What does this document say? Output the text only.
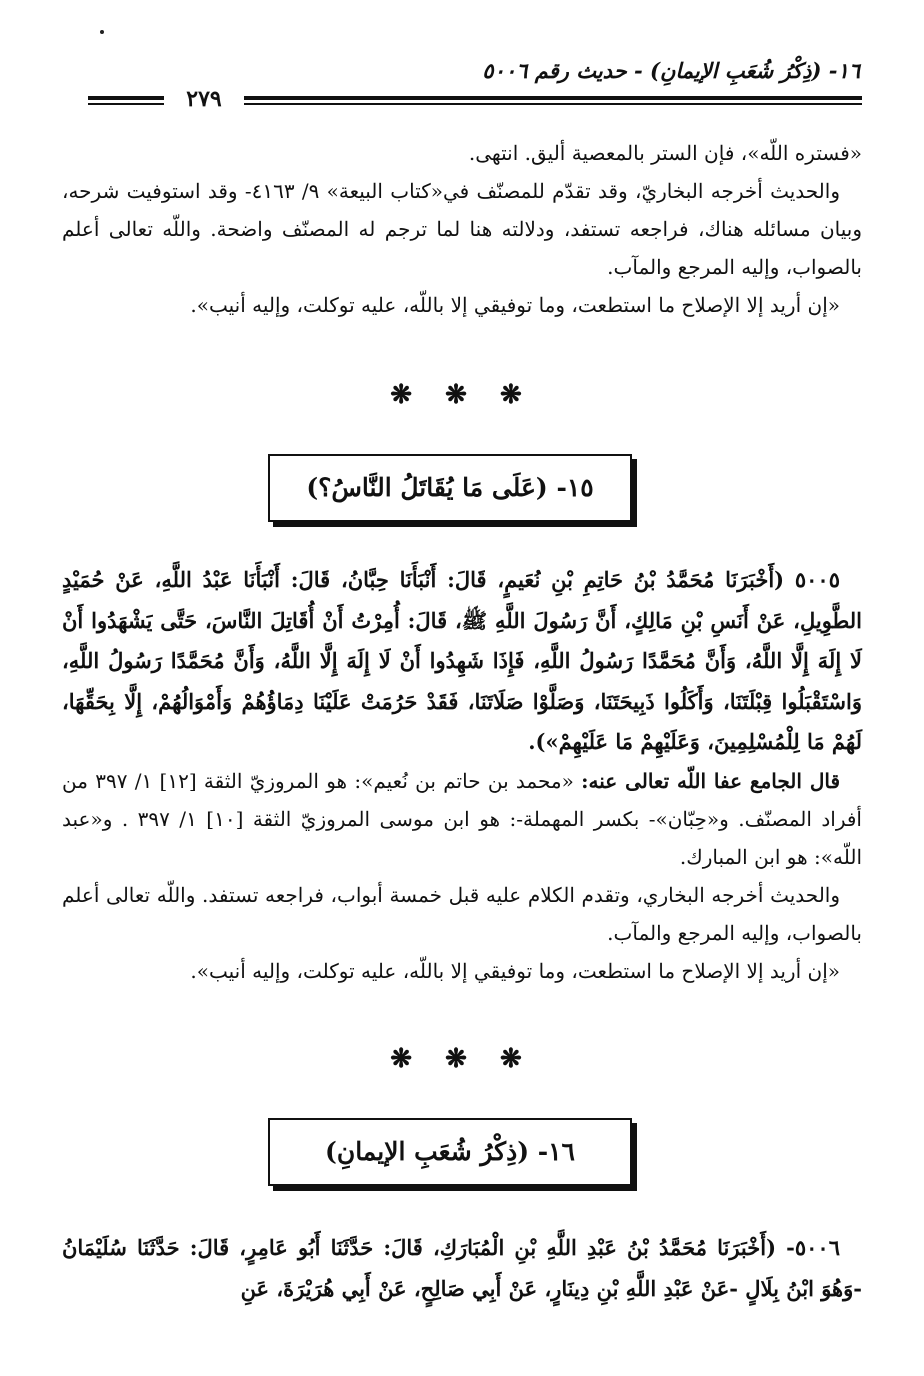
١٦- (ذِكْرُ شُعَبِ الإيمانِ) - حديث رقم ٥٠٠٦
٢٧٩
«فستره اللّه»، فإن الستر بالمعصية أليق. انتهى.
والحديث أخرجه البخاريّ، وقد تقدّم للمصنّف في«كتاب البيعة» ٩/ ٤١٦٣- وقد استوفيت شرحه، وبيان مسائله هناك، فراجعه تستفد، ودلالته هنا لما ترجم له المصنّف واضحة. واللّه تعالى أعلم بالصواب، وإليه المرجع والمآب.
«إن أريد إلا الإصلاح ما استطعت، وما توفيقي إلا باللّه، عليه توكلت، وإليه أنيب».
❋ ❋ ❋
١٥- (عَلَى مَا يُقَاتَلُ النَّاسُ؟)
٥٠٠٥ (أَخْبَرَنَا مُحَمَّدُ بْنُ حَاتِمِ بْنِ نُعَيمٍ، قَالَ: أَنْبَأَنَا حِبَّانُ، قَالَ: أَنْبَأَنَا عَبْدُ اللَّهِ، عَنْ حُمَيْدٍ الطَّوِيلِ، عَنْ أَنَسِ بْنِ مَالِكٍ، أَنَّ رَسُولَ اللَّهِ ﷺ، قَالَ: أُمِرْتُ أَنْ أُقَاتِلَ النَّاسَ، حَتَّى يَشْهَدُوا أَنْ لَا إِلَهَ إِلَّا اللَّهُ، وَأَنَّ مُحَمَّدًا رَسُولُ اللَّهِ، فَإِذَا شَهِدُوا أَنْ لَا إِلَهَ إِلَّا اللَّهُ، وَأَنَّ مُحَمَّدًا رَسُولُ اللَّهِ، وَاسْتَقْبَلُوا قِبْلَتَنَا، وَأَكَلُوا ذَبِيحَتَنَا، وَصَلَّوْا صَلَاتَنَا، فَقَدْ حَرُمَتْ عَلَيْنَا دِمَاؤُهُمْ وَأَمْوَالُهُمْ، إِلَّا بِحَقِّهَا، لَهُمْ مَا لِلْمُسْلِمِينَ، وَعَلَيْهِمْ مَا عَلَيْهِمْ»).
قال الجامع عفا اللّه تعالى عنه: «محمد بن حاتم بن نُعيم»: هو المروزيّ الثقة [١٢] ١/ ٣٩٧ من أفراد المصنّف. و«حِبّان»- بكسر المهملة-: هو ابن موسى المروزيّ الثقة [١٠] ١/ ٣٩٧ . و«عبد اللّه»: هو ابن المبارك.
والحديث أخرجه البخاري، وتقدم الكلام عليه قبل خمسة أبواب، فراجعه تستفد. واللّه تعالى أعلم بالصواب، وإليه المرجع والمآب.
«إن أريد إلا الإصلاح ما استطعت، وما توفيقي إلا باللّه، عليه توكلت، وإليه أنيب».
❋ ❋ ❋
١٦- (ذِكْرُ شُعَبِ الإيمانِ)
٥٠٠٦- (أَخْبَرَنَا مُحَمَّدُ بْنُ عَبْدِ اللَّهِ بْنِ الْمُبَارَكِ، قَالَ: حَدَّثَنَا أَبُو عَامِرٍ، قَالَ: حَدَّثَنَا سُلَيْمَانُ -وَهُوَ ابْنُ بِلَالٍ -عَنْ عَبْدِ اللَّهِ بْنِ دِينَارٍ، عَنْ أَبِي صَالِحٍ، عَنْ أَبِي هُرَيْرَةَ، عَنِ
